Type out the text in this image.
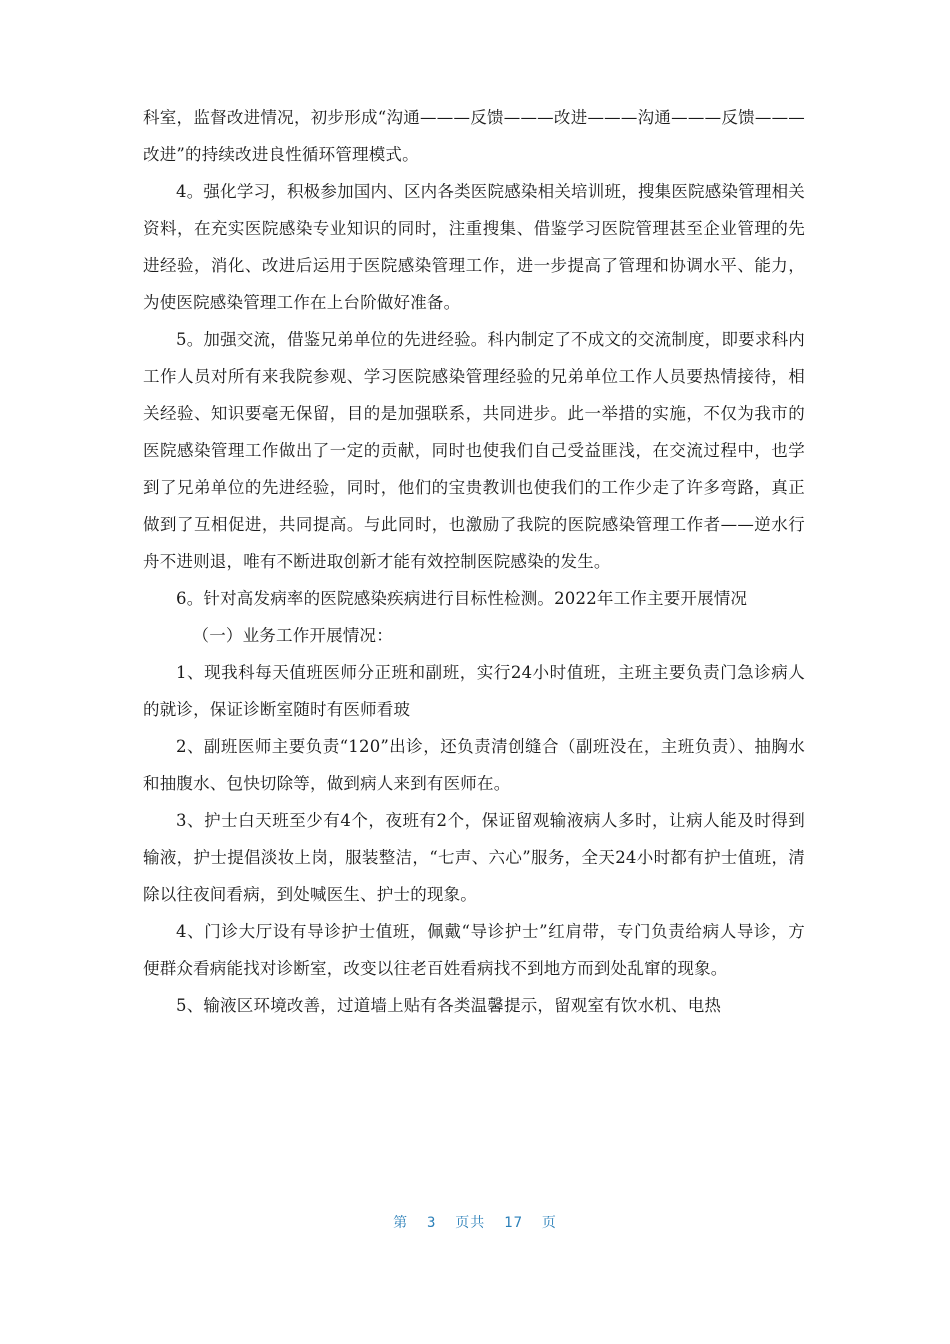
科室，监督改进情况，初步形成“沟通———反馈———改进———沟通———反馈———改进”的持续改进良性循环管理模式。

4。强化学习，积极参加国内、区内各类医院感染相关培训班，搜集医院感染管理相关资料，在充实医院感染专业知识的同时，注重搜集、借鉴学习医院管理甚至企业管理的先进经验，消化、改进后运用于医院感染管理工作，进一步提高了管理和协调水平、能力，为使医院感染管理工作在上台阶做好准备。

5。加强交流，借鉴兄弟单位的先进经验。科内制定了不成文的交流制度，即要求科内工作人员对所有来我院参观、学习医院感染管理经验的兄弟单位工作人员要热情接待，相关经验、知识要毫无保留，目的是加强联系，共同进步。此一举措的实施，不仅为我市的医院感染管理工作做出了一定的贡献，同时也使我们自己受益匪浅，在交流过程中，也学到了兄弟单位的先进经验，同时，他们的宝贵教训也使我们的工作少走了许多弯路，真正做到了互相促进，共同提高。与此同时，也激励了我院的医院感染管理工作者——逆水行舟不进则退，唯有不断进取创新才能有效控制医院感染的发生。

6。针对高发病率的医院感染疾病进行目标性检测。2022年工作主要开展情况

（一）业务工作开展情况：

1、现我科每天值班医师分正班和副班，实行24小时值班，主班主要负责门急诊病人的就诊，保证诊断室随时有医师看玻

2、副班医师主要负责“120”出诊，还负责清创缝合（副班没在，主班负责）、抽胸水和抽腹水、包快切除等，做到病人来到有医师在。

3、护士白天班至少有4个，夜班有2个，保证留观输液病人多时，让病人能及时得到输液，护士提倡淡妆上岗，服装整洁，“七声、六心”服务，全天24小时都有护士值班，清除以往夜间看病，到处喊医生、护士的现象。

4、门诊大厅设有导诊护士值班，佩戴“导诊护士”红肩带，专门负责给病人导诊，方便群众看病能找对诊断室，改变以往老百姓看病找不到地方而到处乱窜的现象。

5、输液区环境改善，过道墙上贴有各类温馨提示，留观室有饮水机、电热

第 3 页共 17 页
